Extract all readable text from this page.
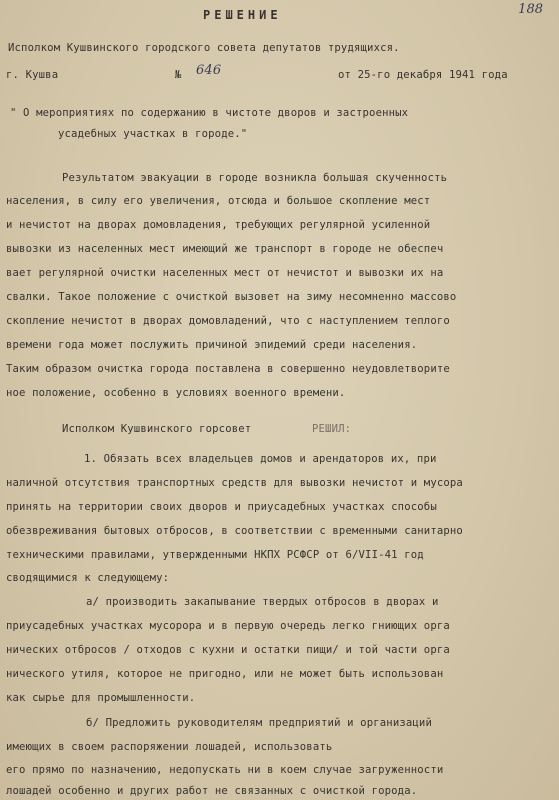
188
РЕШЕНИЕ
Исполком Кушвинского городского совета депутатов трудящихся.
г. Кушва	№ 646	от 25-го декабря 1941 года
" О мероприятиях по содержанию в чистоте дворов и застроенных
усадебных участках в городе."
Результатом эвакуации в городе возникла большая скученность
населения, в силу его увеличения, отсюда и большое скопление мест
и нечистот на дворах домовладения, требующих регулярной усиленной
вывозки из населенных мест имеющий же транспорт в городе не обеспеч
вает регулярной очистки населенных мест от нечистот и вывозки их на
свалки. Такое положение с очисткой вызовет на зиму несомненно массово
скопление нечистот в дворах домовладений, что с наступлением теплого
времени года может послужить причиной эпидемий среди населения.
Таким образом очистка города поставлена в совершенно неудовлетворите
ное положение, особенно в условиях военного времени.
Исполком Кушвинского горсовет	РЕШИЛ:
1. Обязать всех владельцев домов и арендаторов их, при
наличной отсутствия транспортных средств для вывозки нечистот и мусора
принять на территории своих дворов и приусадебных участках способы
обезвреживания бытовых отбросов, в соответствии с временными санитарно
техническими правилами, утвержденными НКПХ РСФСР от 6/VII-41 год
сводящимися к следующему:
а/ производить закапывание твердых отбросов в дворах и
приусадебных участках мусорора и в первую очередь легко гниющих орга
нических отбросов / отходов с кухни и остатки пищи/ и той части орга
нического утиля, которое не пригодно, или не может быть использован
как сырье для промышленности.
б/ Предложить руководителям предприятий и организаций
имеющих в своем распоряжении лошадей, использовать
его прямо по назначению, недопускать ни в коем случае загруженности
лошадей особенно и других работ не связанных с очисткой города.
